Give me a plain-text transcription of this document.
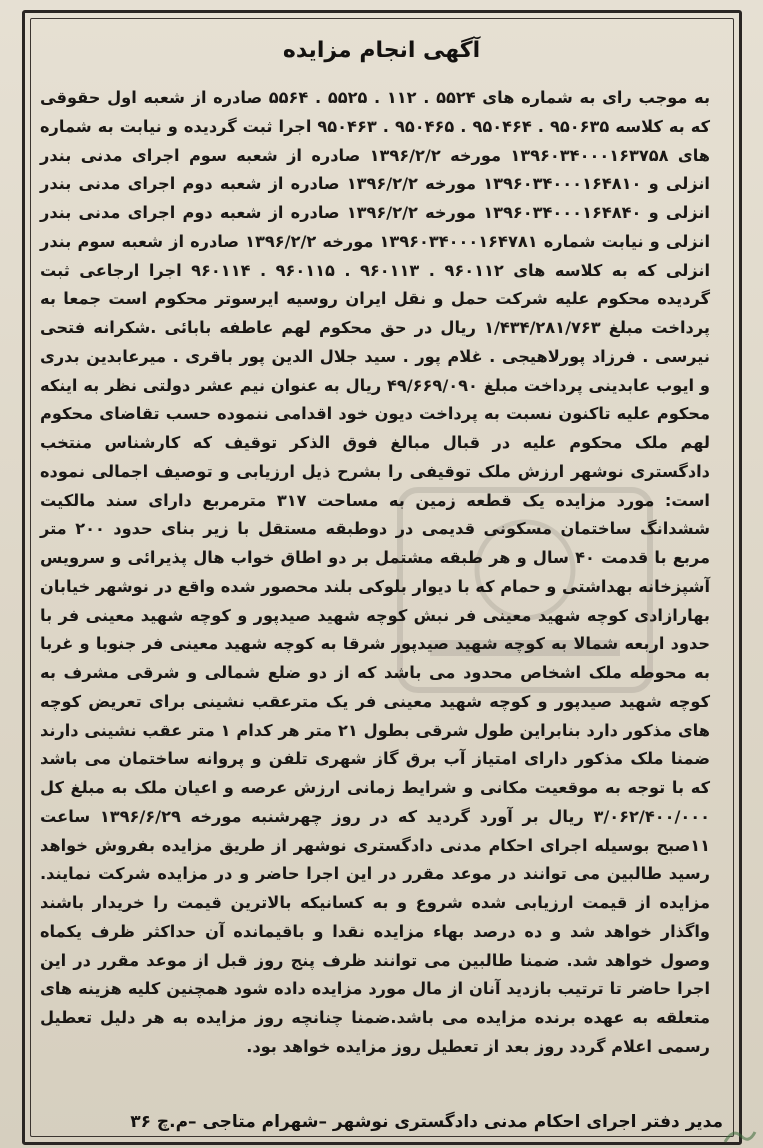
آگهی انجام مزایده

به موجب رای به شماره های ۵۵۲۴ . ۱۱۲ . ۵۵۲۵ . ۵۵۶۴ صادره از شعبه اول حقوقی که به کلاسه ۹۵۰۶۳۵ . ۹۵۰۴۶۴ . ۹۵۰۴۶۵ . ۹۵۰۴۶۳ اجرا ثبت گردیده و نیابت به شماره های ۱۳۹۶۰۳۴۰۰۰۱۶۳۷۵۸ مورخه ۱۳۹۶/۲/۲ صادره از شعبه سوم اجرای مدنی بندر انزلی و ۱۳۹۶۰۳۴۰۰۰۱۶۴۸۱۰ مورخه ۱۳۹۶/۲/۲ صادره از شعبه دوم اجرای مدنی بندر انزلی و ۱۳۹۶۰۳۴۰۰۰۱۶۴۸۴۰ مورخه ۱۳۹۶/۲/۲ صادره از شعبه دوم اجرای مدنی بندر انزلی و نیابت شماره ۱۳۹۶۰۳۴۰۰۰۱۶۴۷۸۱ مورخه ۱۳۹۶/۲/۲ صادره از شعبه سوم بندر انزلی که به کلاسه های ۹۶۰۱۱۲ . ۹۶۰۱۱۳ . ۹۶۰۱۱۵ . ۹۶۰۱۱۴ اجرا ارجاعی ثبت گردیده محکوم علیه شرکت حمل و نقل ایران روسیه ایرسوتر محکوم است جمعا به پرداخت مبلغ ۱/۴۳۴/۲۸۱/۷۶۳ ریال در حق محکوم لهم عاطفه بابائی .شکرانه فتحی نیرسی . فرزاد پورلاهیجی . غلام پور . سید جلال الدین پور باقری . میرعابدین بدری و ایوب عابدینی پرداخت مبلغ ۴۹/۶۶۹/۰۹۰ ریال به عنوان نیم عشر دولتی نظر به اینکه محکوم علیه تاکنون نسبت به پرداخت دیون خود اقدامی ننموده حسب تقاضای محکوم لهم ملک محکوم علیه در قبال مبالغ فوق الذکر توقیف که کارشناس منتخب دادگستری نوشهر ارزش ملک توقیفی را بشرح ذیل ارزیابی و توصیف اجمالی نموده است: مورد مزایده یک قطعه زمین به مساحت ۳۱۷ مترمربع دارای سند مالکیت ششدانگ ساختمان مسکونی قدیمی در دوطبقه مستقل با زیر بنای حدود ۲۰۰ متر مربع با قدمت ۴۰ سال و هر طبقه مشتمل بر دو اطاق خواب هال پذیرائی و سرویس آشپزخانه بهداشتی و حمام که با دیوار بلوکی بلند محصور شده واقع در نوشهر خیابان بهارازادی کوچه شهید معینی فر نبش کوچه شهید صیدپور و کوچه شهید معینی فر با حدود اربعه شمالا به کوچه شهید صیدپور شرقا به کوچه شهید معینی فر جنوبا و غربا به محوطه ملک اشخاص محدود می باشد که از دو ضلع شمالی و شرقی مشرف به کوچه شهید صیدپور و کوچه شهید معینی فر یک مترعقب نشینی برای تعریض کوچه های مذکور دارد بنابراین طول شرقی بطول ۲۱ متر هر کدام ۱ متر عقب نشینی دارند ضمنا ملک مذکور دارای امتیاز آب برق گاز شهری تلفن و پروانه ساختمان می باشد که با توجه به موقعیت مکانی و شرایط زمانی ارزش عرصه و اعیان ملک به مبلغ کل ۳/۰۶۲/۴۰۰/۰۰۰ ریال بر آورد گردید که در روز چهرشنبه مورخه ۱۳۹۶/۶/۲۹ ساعت ۱۱صبح بوسیله اجرای احکام مدنی دادگستری نوشهر از طریق مزایده بفروش خواهد رسید طالبین می توانند در موعد مقرر در این اجرا حاضر و در مزایده شرکت نمایند. مزایده از قیمت ارزیابی شده شروع و به کسانیکه بالاترین قیمت را خریدار باشند واگذار خواهد شد و ده درصد بهاء مزایده نقدا و باقیمانده آن حداکثر ظرف یکماه وصول خواهد شد. ضمنا طالبین می توانند ظرف پنج روز قبل از موعد مقرر در این اجرا حاضر تا ترتیب بازدید آنان از مال مورد مزایده داده شود همچنین کلیه هزینه های متعلقه به عهده برنده مزایده می باشد.ضمنا چنانچه روز مزایده به هر دلیل تعطیل رسمی اعلام گردد روز بعد از تعطیل روز مزایده خواهد بود.

مدیر دفتر اجرای احکام مدنی دادگستری نوشهر –شهرام متاجی –م.چ ۳۶
